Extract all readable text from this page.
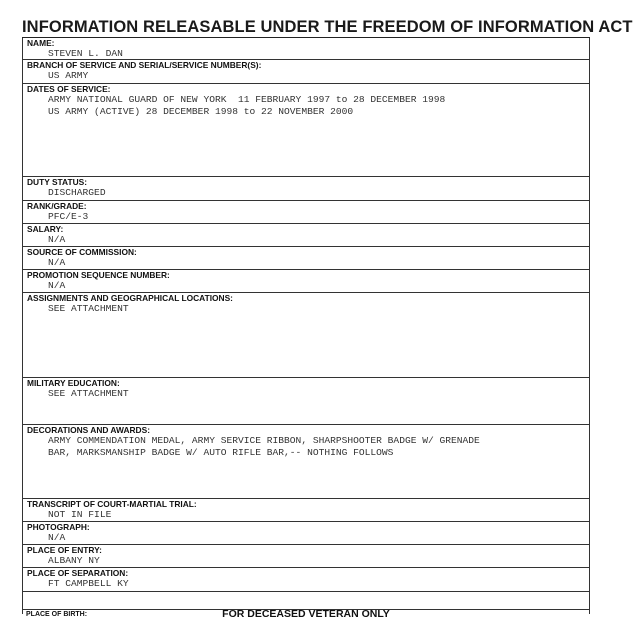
INFORMATION RELEASABLE UNDER THE FREEDOM OF INFORMATION ACT
NAME:
STEVEN L. DAN
BRANCH OF SERVICE AND SERIAL/SERVICE NUMBER(S):
US ARMY
DATES OF SERVICE:
ARMY NATIONAL GUARD OF NEW YORK  11 FEBRUARY 1997 to 28 DECEMBER 1998
US ARMY (ACTIVE) 28 DECEMBER 1998 to 22 NOVEMBER 2000
DUTY STATUS:
DISCHARGED
RANK/GRADE:
PFC/E-3
SALARY:
N/A
SOURCE OF COMMISSION:
N/A
PROMOTION SEQUENCE NUMBER:
N/A
ASSIGNMENTS AND GEOGRAPHICAL LOCATIONS:
SEE ATTACHMENT
MILITARY EDUCATION:
SEE ATTACHMENT
DECORATIONS AND AWARDS:
ARMY COMMENDATION MEDAL, ARMY SERVICE RIBBON, SHARPSHOOTER BADGE W/ GRENADE
BAR, MARKSMANSHIP BADGE W/ AUTO RIFLE BAR,-- NOTHING FOLLOWS
TRANSCRIPT OF COURT-MARTIAL TRIAL:
NOT IN FILE
PHOTOGRAPH:
N/A
PLACE OF ENTRY:
ALBANY NY
PLACE OF SEPARATION:
FT CAMPBELL KY
FOR DECEASED VETERAN ONLY
PLACE OF BIRTH:
